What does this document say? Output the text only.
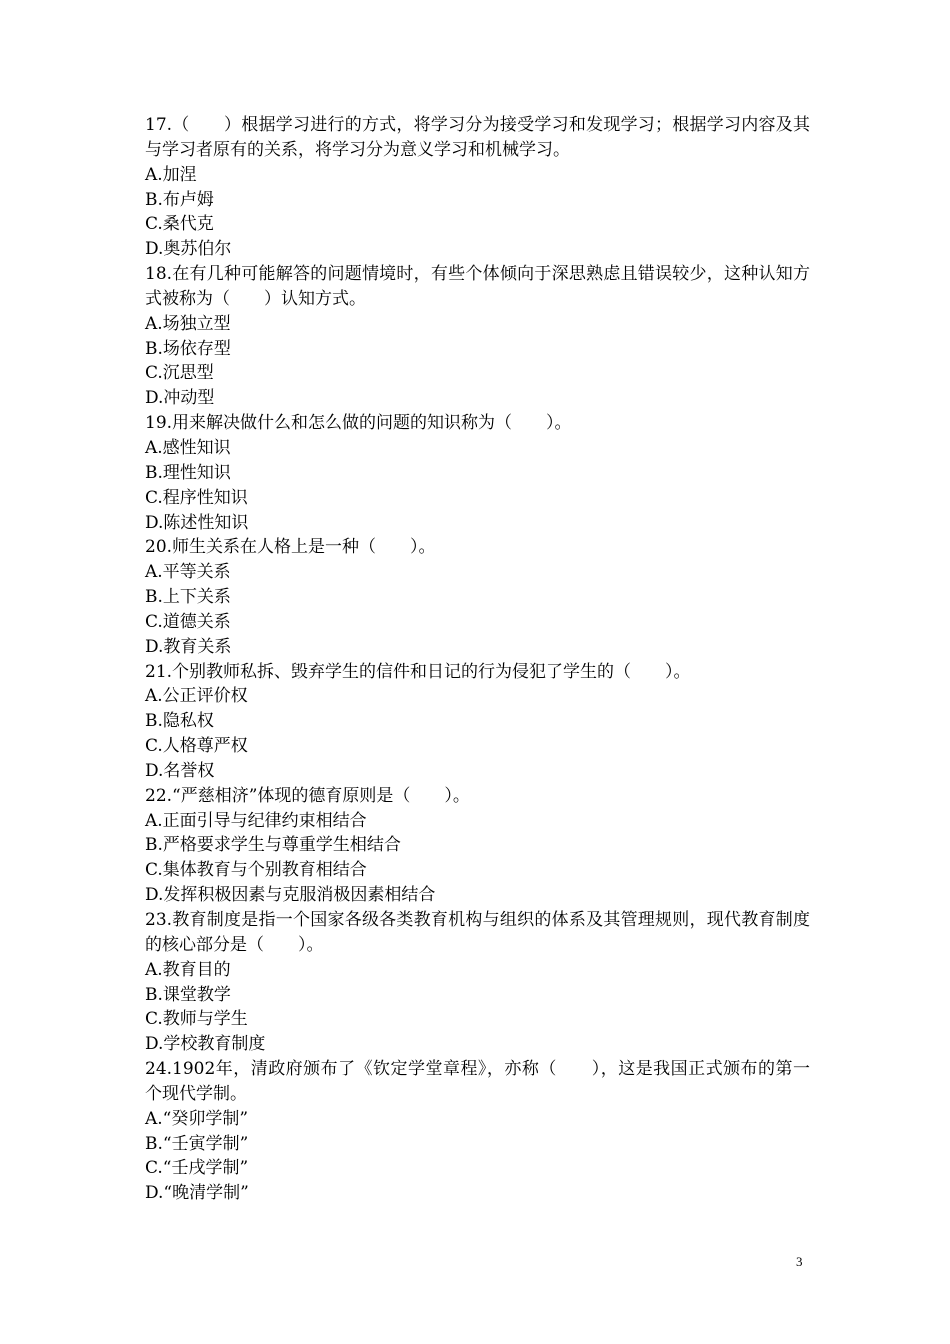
17.（　　）根据学习进行的方式，将学习分为接受学习和发现学习；根据学习内容及其与学习者原有的关系，将学习分为意义学习和机械学习。

A.加涅

B.布卢姆

C.桑代克

D.奥苏伯尔

18.在有几种可能解答的问题情境时，有些个体倾向于深思熟虑且错误较少，这种认知方式被称为（　　）认知方式。

A.场独立型

B.场依存型

C.沉思型

D.冲动型

19.用来解决做什么和怎么做的问题的知识称为（　　）。

A.感性知识

B.理性知识

C.程序性知识

D.陈述性知识

20.师生关系在人格上是一种（　　）。

A.平等关系

B.上下关系

C.道德关系

D.教育关系

21.个别教师私拆、毁弃学生的信件和日记的行为侵犯了学生的（　　）。

A.公正评价权

B.隐私权

C.人格尊严权

D.名誉权

22.“严慈相济”体现的德育原则是（　　）。

A.正面引导与纪律约束相结合

B.严格要求学生与尊重学生相结合

C.集体教育与个别教育相结合

D.发挥积极因素与克服消极因素相结合

23.教育制度是指一个国家各级各类教育机构与组织的体系及其管理规则，现代教育制度的核心部分是（　　）。

A.教育目的

B.课堂教学

C.教师与学生

D.学校教育制度

24.1902年，清政府颁布了《钦定学堂章程》，亦称（　　），这是我国正式颁布的第一个现代学制。

A.“癸卯学制”

B.“壬寅学制”

C.“壬戌学制”

D.“晚清学制”

3
